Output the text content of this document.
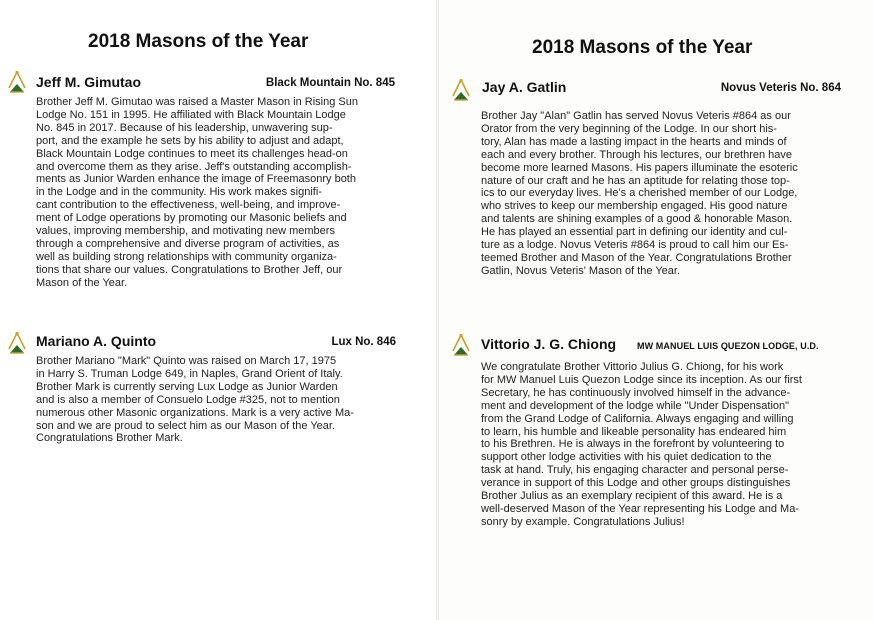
2018 Masons of the Year
Jeff M. Gimutao	Black Mountain No. 845
Brother Jeff M. Gimutao was raised a Master Mason in Rising Sun
Lodge No. 151 in 1995. He affiliated with Black Mountain Lodge
No. 845 in 2017. Because of his leadership, unwavering sup-
port, and the example he sets by his ability to adjust and adapt,
Black Mountain Lodge continues to meet its challenges head-on
and overcome them as they arise. Jeff's outstanding accomplish-
ments as Junior Warden enhance the image of Freemasonry both
in the Lodge and in the community. His work makes signifi-
cant contribution to the effectiveness, well-being, and improve-
ment of Lodge operations by promoting our Masonic beliefs and
values, improving membership, and motivating new members
through a comprehensive and diverse program of activities, as
well as building strong relationships with community organiza-
tions that share our values. Congratulations to Brother Jeff, our
Mason of the Year.
Mariano A. Quinto	Lux No. 846
Brother Mariano "Mark" Quinto was raised on March 17, 1975
in Harry S. Truman Lodge 649, in Naples, Grand Orient of Italy.
Brother Mark is currently serving Lux Lodge as Junior Warden
and is also a member of Consuelo Lodge #325, not to mention
numerous other Masonic organizations. Mark is a very active Ma-
son and we are proud to select him as our Mason of the Year.
Congratulations Brother Mark.
2018 Masons of the Year
Jay A. Gatlin	Novus Veteris No. 864
Brother Jay "Alan" Gatlin has served Novus Veteris #864 as our
Orator from the very beginning of the Lodge. In our short his-
tory, Alan has made a lasting impact in the hearts and minds of
each and every brother. Through his lectures, our brethren have
become more learned Masons. His papers illuminate the esoteric
nature of our craft and he has an aptitude for relating those top-
ics to our everyday lives. He's a cherished member of our Lodge,
who strives to keep our membership engaged. His good nature
and talents are shining examples of a good & honorable Mason.
He has played an essential part in defining our identity and cul-
ture as a lodge. Novus Veteris #864 is proud to call him our Es-
teemed Brother and Mason of the Year. Congratulations Brother
Gatlin, Novus Veteris' Mason of the Year.
Vittorio J. G. Chiong MW MANUEL LUIS QUEZON LODGE, U.D.
We congratulate Brother Vittorio Julius G. Chiong, for his work
for MW Manuel Luis Quezon Lodge since its inception. As our first
Secretary, he has continuously involved himself in the advance-
ment and development of the lodge while "Under Dispensation"
from the Grand Lodge of California. Always engaging and willing
to learn, his humble and likeable personality has endeared him
to his Brethren. He is always in the forefront by volunteering to
support other lodge activities with his quiet dedication to the
task at hand. Truly, his engaging character and personal perse-
verance in support of this Lodge and other groups distinguishes
Brother Julius as an exemplary recipient of this award. He is a
well-deserved Mason of the Year representing his Lodge and Ma-
sonry by example. Congratulations Julius!
